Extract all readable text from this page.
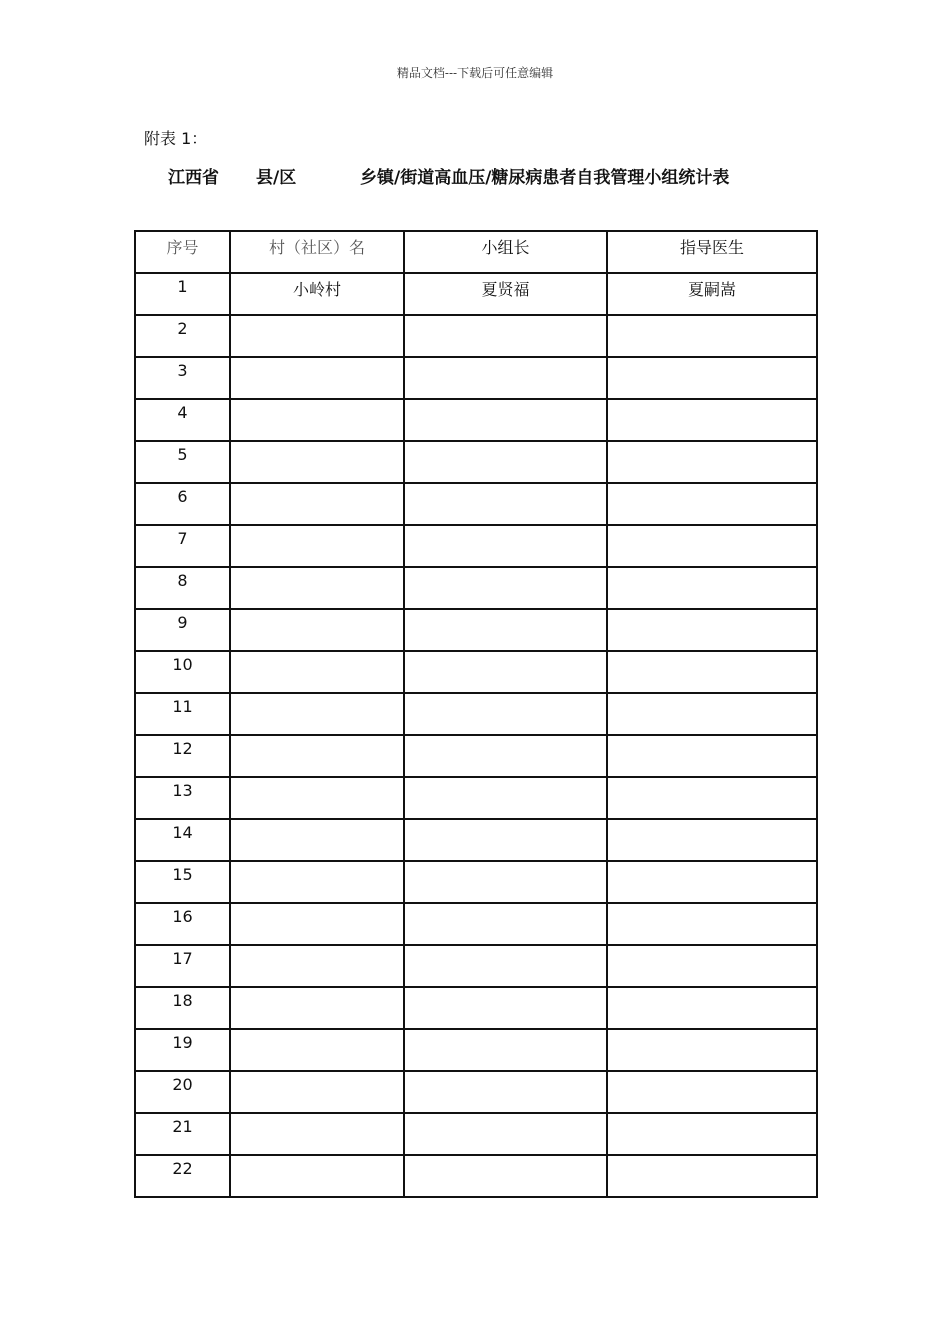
精品文档---下载后可任意编辑
附表 1：
江西省 县/区	乡镇/街道高血压/糖尿病患者自我管理小组统计表
序号	村（社区）名	小组长	指导医生
1	小岭村	夏贤福	夏嗣嵩
2			
3			
4			
5			
6			
7			
8			
9			
10			
11			
12			
13			
14			
15			
16			
17			
18			
19			
20			
21			
22			
